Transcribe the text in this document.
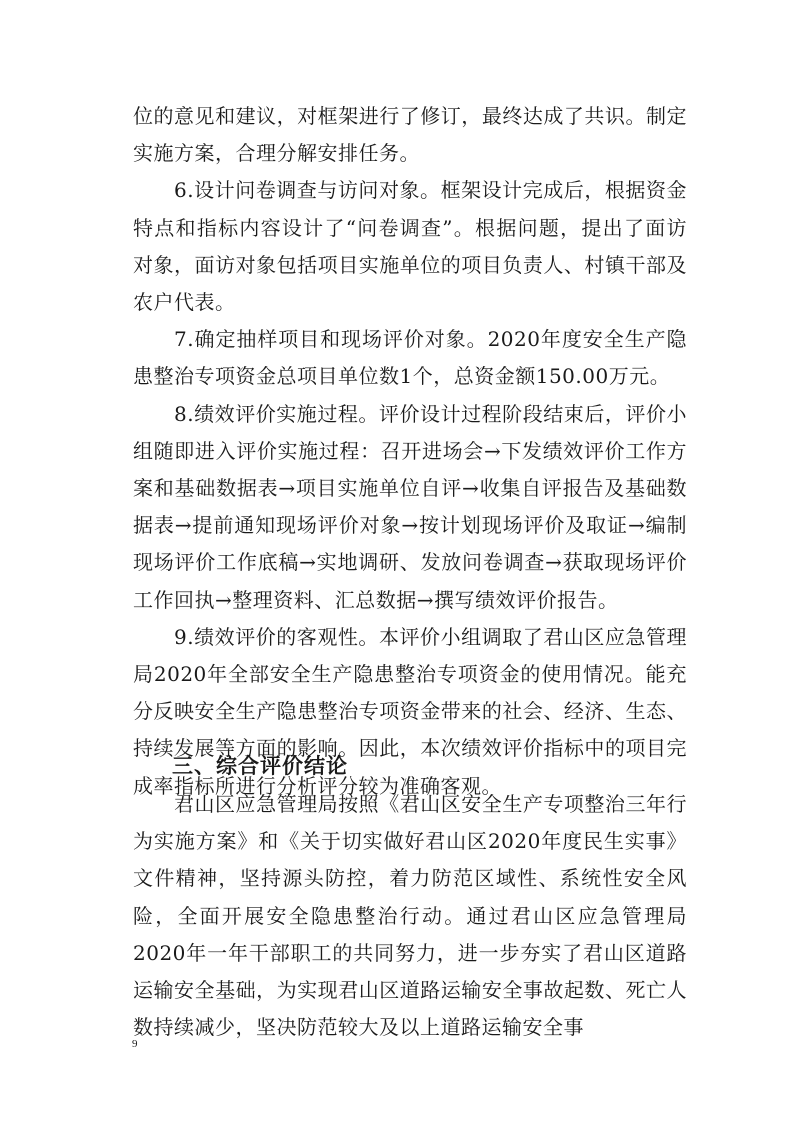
位的意见和建议，对框架进行了修订，最终达成了共识。制定实施方案，合理分解安排任务。

6.设计问卷调查与访问对象。框架设计完成后，根据资金特点和指标内容设计了“问卷调查”。根据问题，提出了面访对象，面访对象包括项目实施单位的项目负责人、村镇干部及农户代表。

7.确定抽样项目和现场评价对象。2020年度安全生产隐患整治专项资金总项目单位数1个，总资金额150.00万元。

8.绩效评价实施过程。评价设计过程阶段结束后，评价小组随即进入评价实施过程：召开进场会→下发绩效评价工作方案和基础数据表→项目实施单位自评→收集自评报告及基础数据表→提前通知现场评价对象→按计划现场评价及取证→编制现场评价工作底稿→实地调研、发放问卷调查→获取现场评价工作回执→整理资料、汇总数据→撰写绩效评价报告。

9.绩效评价的客观性。本评价小组调取了君山区应急管理局2020年全部安全生产隐患整治专项资金的使用情况。能充分反映安全生产隐患整治专项资金带来的社会、经济、生态、持续发展等方面的影响。因此，本次绩效评价指标中的项目完成率指标所进行分析评分较为准确客观。

三、综合评价结论

君山区应急管理局按照《君山区安全生产专项整治三年行为实施方案》和《关于切实做好君山区2020年度民生实事》文件精神，坚持源头防控，着力防范区域性、系统性安全风险，全面开展安全隐患整治行动。通过君山区应急管理局2020年一年干部职工的共同努力，进一步夯实了君山区道路运输安全基础，为实现君山区道路运输安全事故起数、死亡人数持续减少，坚决防范较大及以上道路运输安全事

9
